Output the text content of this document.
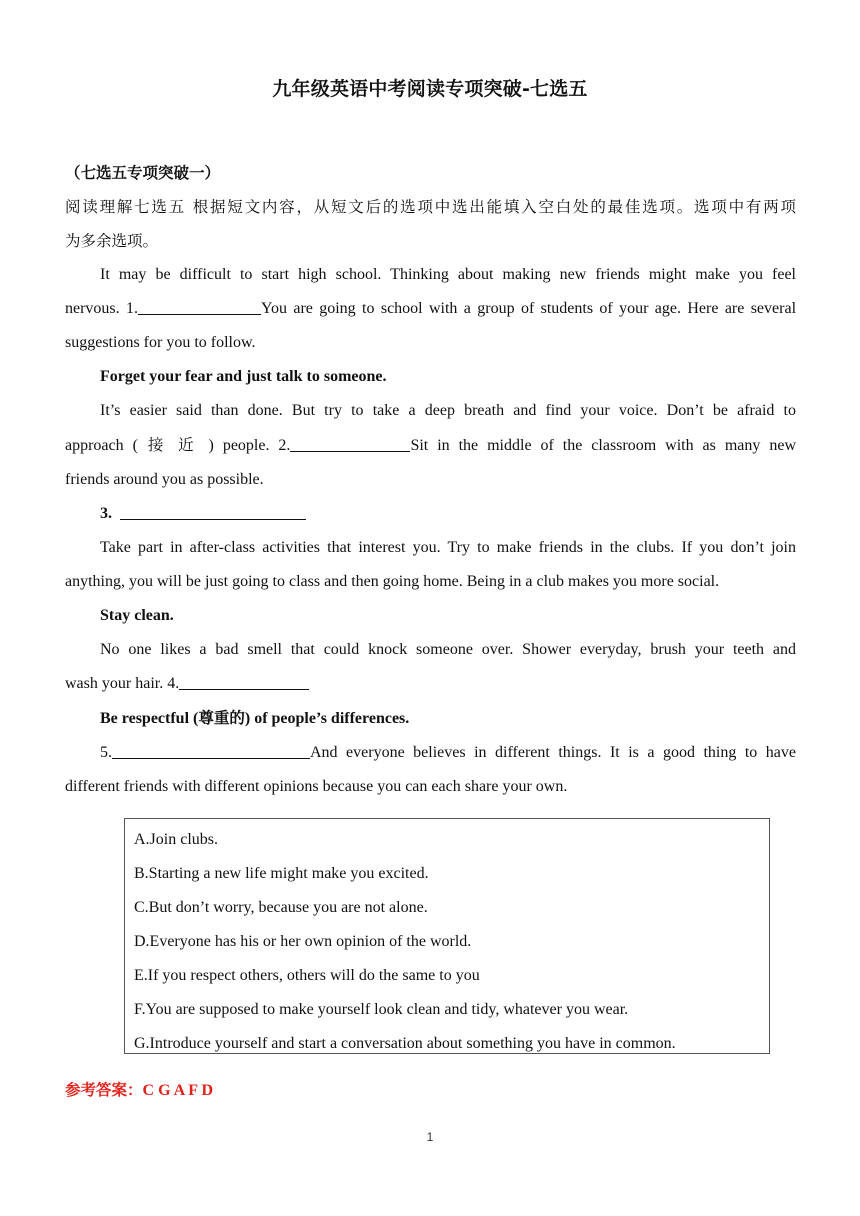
九年级英语中考阅读专项突破-七选五
（七选五专项突破一）
阅读理解七选五 根据短文内容，从短文后的选项中选出能填入空白处的最佳选项。选项中有两项
为多余选项。
It may be difficult to start high school. Thinking about making new friends might make you feel
nervous. 1.	You are going to school with a group of students of your age. Here are several
suggestions for you to follow.
Forget your fear and just talk to someone.
It’s easier said than done. But try to take a deep breath and find your voice. Don’t be afraid to
approach ( 接 近 ) people. 2.	Sit in the middle of the classroom with as many new
friends around you as possible.
3.
Take part in after-class activities that interest you. Try to make friends in the clubs. If you don’t join
anything, you will be just going to class and then going home. Being in a club makes you more social.
Stay clean.
No one likes a bad smell that could knock someone over. Shower everyday, brush your teeth and
wash your hair. 4.
Be respectful (尊重的) of people’s differences.
5.	And everyone believes in different things. It is a good thing to have
different friends with different opinions because you can each share your own.
A.Join clubs.
B.Starting a new life might make you excited.
C.But don’t worry, because you are not alone.
D.Everyone has his or her own opinion of the world.
E.If you respect others, others will do the same to you
F.You are supposed to make yourself look clean and tidy, whatever you wear.
G.Introduce yourself and start a conversation about something you have in common.
参考答案：C G A F D
1
